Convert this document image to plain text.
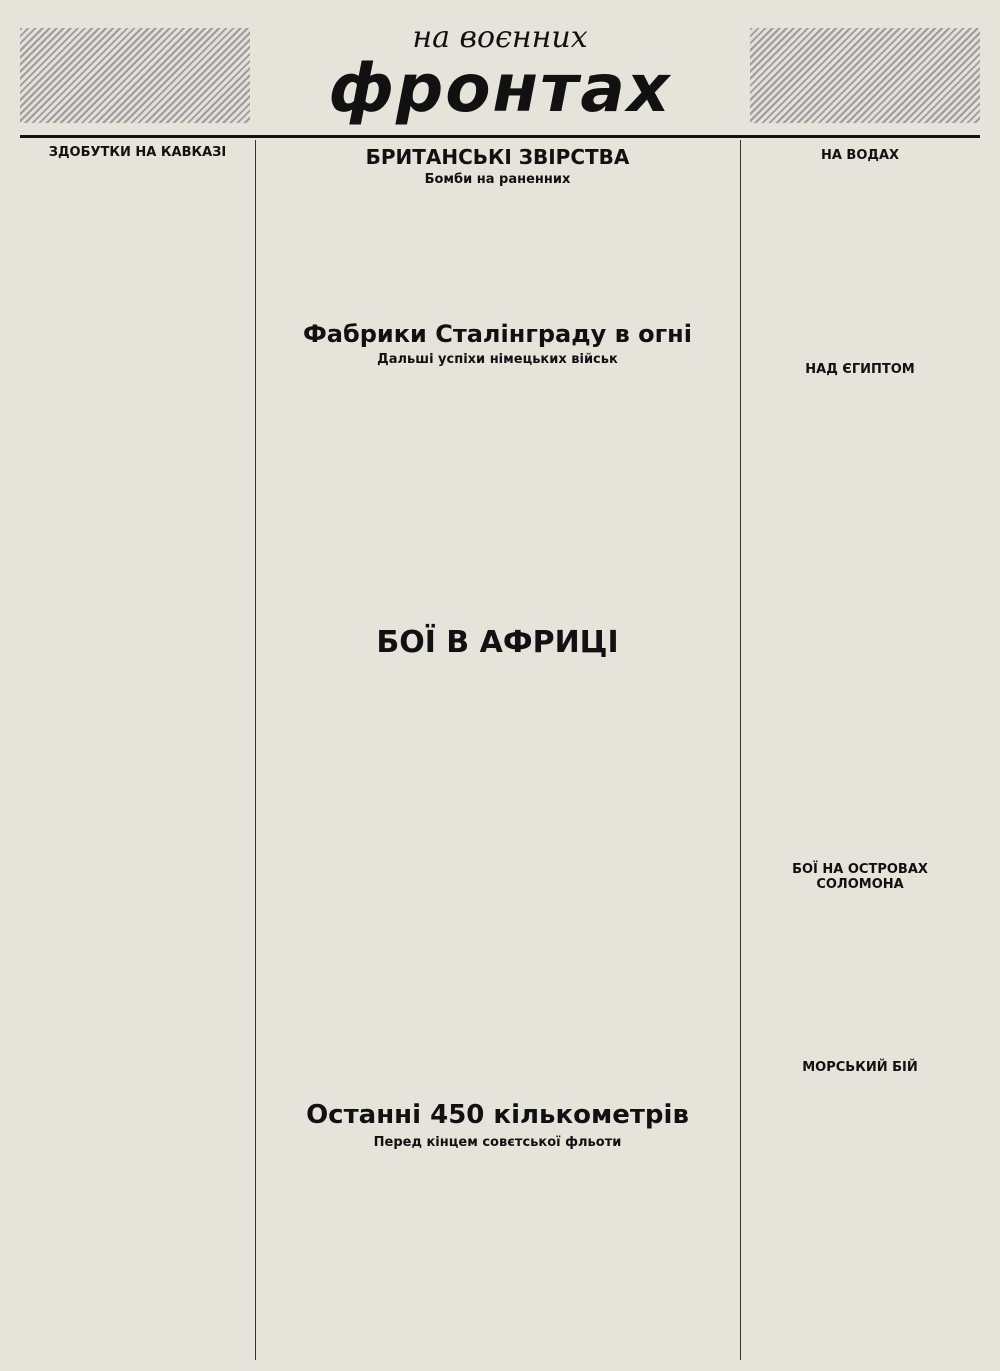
на воєнних
фронтах
ЗДОБУТКИ НА КАВКАЗІ	БРИТАНСЬКІ ЗВІРСТВА
Бомби на раненних
НА ВОДАХ
Фабрики Сталінграду в огні
Дальші успіхи німецьких військ
НАД ЄГИПТОМ
БОЇ В АФРИЦІ
БОЇ НА ОСТРОВАХ СОЛОМОНА
МОРСЬКИЙ БІЙ
Останні 450 кількометрів
Перед кінцем совєтської фльоти
